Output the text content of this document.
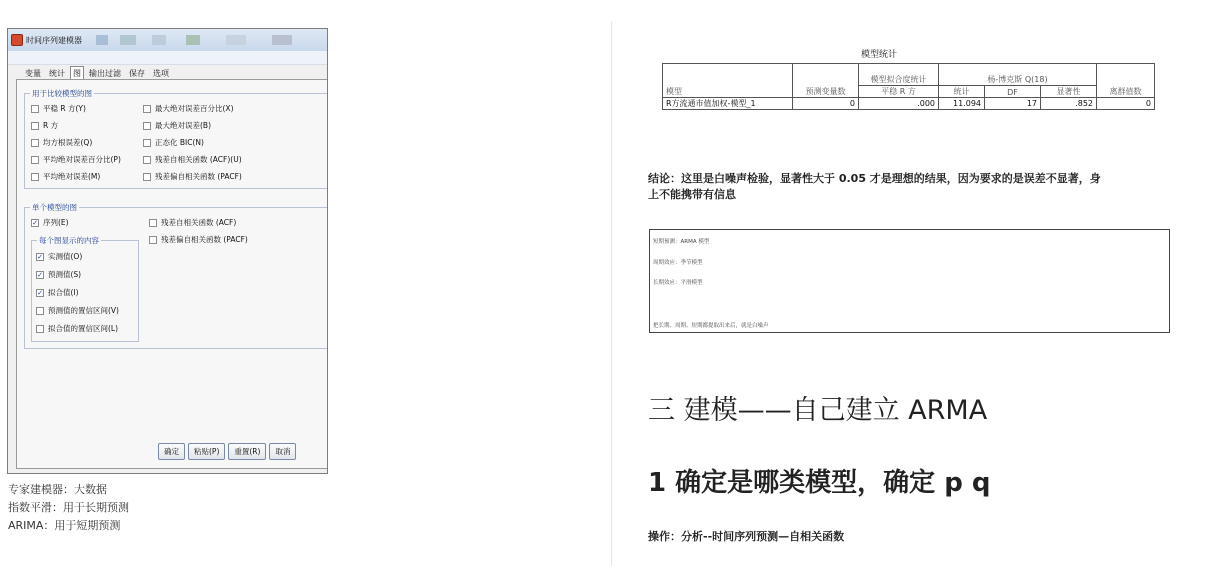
时间序列建模器
变量	统计	图	输出过滤	保存	选项
用于比较模型的图
平稳 R 方(Y)
R 方
均方根误差(Q)
平均绝对误差百分比(P)
平均绝对误差(M)
最大绝对误差百分比(X)
最大绝对误差(B)
正态化 BIC(N)
残差自相关函数 (ACF)(U)
残差偏自相关函数 (PACF)
单个模型的图
✓
序列(E)	残差自相关函数 (ACF)
残差偏自相关函数 (PACF)
每个图显示的内容
✓
实测值(O)
✓
预测值(S)
✓
拟合值(I)
预测值的置信区间(V)
拟合值的置信区间(L)
确定	粘贴(P)	重置(R)	取消
专家建模器：大数据
指数平滑：用于长期预测
ARIMA：用于短期预测
模型统计
模型	预测变量数	模型拟合度统计	杨-博克斯 Q(18)			离群值数
		平稳 R 方	统计	DF	显著性	
R方流通市值加权-模型_1	0	.000	11.094	17	.852	0
结论：这里是白噪声检验，显著性大于 0.05 才是理想的结果，因为要求的是误差不显著，身
上不能携带有信息
短期预测：ARMA 模型
周期效应：季节模型
长期效应：平滑模型
把长期、周期、短期都提取出来后，就是白噪声
三 建模——自己建立 ARMA
1 确定是哪类模型，确定 p q
操作：分析--时间序列预测—自相关函数
